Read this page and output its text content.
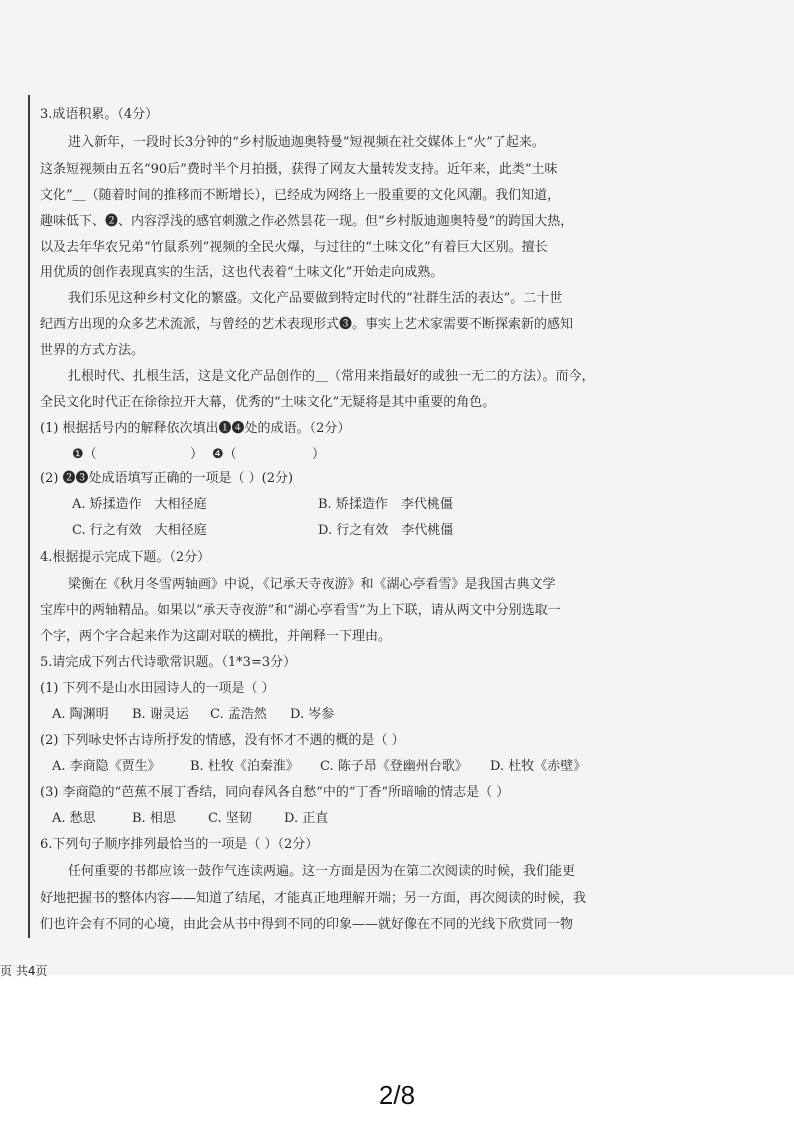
3.成语积累。（4分）
进入新年，一段时长3分钟的“乡村版迪迦奥特曼”短视频在社交媒体上“火”了起来。
这条短视频由五名“90后”费时半个月拍摄，获得了网友大量转发支持。近年来，此类“土味
文化”＿（随着时间的推移而不断增长），已经成为网络上一股重要的文化风潮。我们知道，
趣味低下、❷、内容浮浅的感官刺激之作必然昙花一现。但“乡村版迪迦奥特曼”的跨国大热，
以及去年华农兄弟“竹鼠系列”视频的全民火爆，与过往的“土味文化”有着巨大区别。擅长
用优质的创作表现真实的生活，这也代表着“土味文化”开始走向成熟。
我们乐见这种乡村文化的繁盛。文化产品要做到特定时代的“社群生活的表达”。二十世
纪西方出现的众多艺术流派，与曾经的艺术表现形式❸。事实上艺术家需要不断探索新的感知
世界的方式方法。
扎根时代、扎根生活，这是文化产品创作的＿（常用来指最好的或独一无二的方法）。而今，
全民文化时代正在徐徐拉开大幕，优秀的“土味文化”无疑将是其中重要的角色。
(1) 根据括号内的解释依次填出❶❹处的成语。（2分）
❶（	） ❹（	）
(2) ❷❸处成语填写正确的一项是（ ）(2分)
A. 矫揉造作　大相径庭	B. 矫揉造作　李代桃僵
C. 行之有效　大相径庭	D. 行之有效　李代桃僵
4.根据提示完成下题。（2分）
梁衡在《秋月冬雪两轴画》中说，《记承天寺夜游》和《湖心亭看雪》是我国古典文学
宝库中的两轴精品。如果以“承天寺夜游”和“湖心亭看雪”为上下联，请从两文中分别选取一
个字，两个字合起来作为这副对联的横批，并阐释一下理由。
5.请完成下列古代诗歌常识题。（1*3=3分）
(1) 下列不是山水田园诗人的一项是（ ）
A. 陶渊明 B. 谢灵运 C. 孟浩然 D. 岑参
(2) 下列咏史怀古诗所抒发的情感，没有怀才不遇的概的是（ ）
A. 李商隐《贾生》 B. 杜牧《泊秦淮》 C. 陈子昂《登幽州台歌》 D. 杜牧《赤壁》
(3) 李商隐的“芭蕉不展丁香结，同向春风各自愁”中的“丁香”所暗喻的情志是（ ）
A. 愁思	B. 相思 C. 坚韧 D. 正直
6.下列句子顺序排列最恰当的一项是（ ）（2分）
任何重要的书都应该一鼓作气连读两遍。这一方面是因为在第二次阅读的时候，我们能更
好地把握书的整体内容——知道了结尾，才能真正地理解开端；另一方面，再次阅读的时候，我
们也许会有不同的心境，由此会从书中得到不同的印象——就好像在不同的光线下欣赏同一物
页 共4页
2/8
